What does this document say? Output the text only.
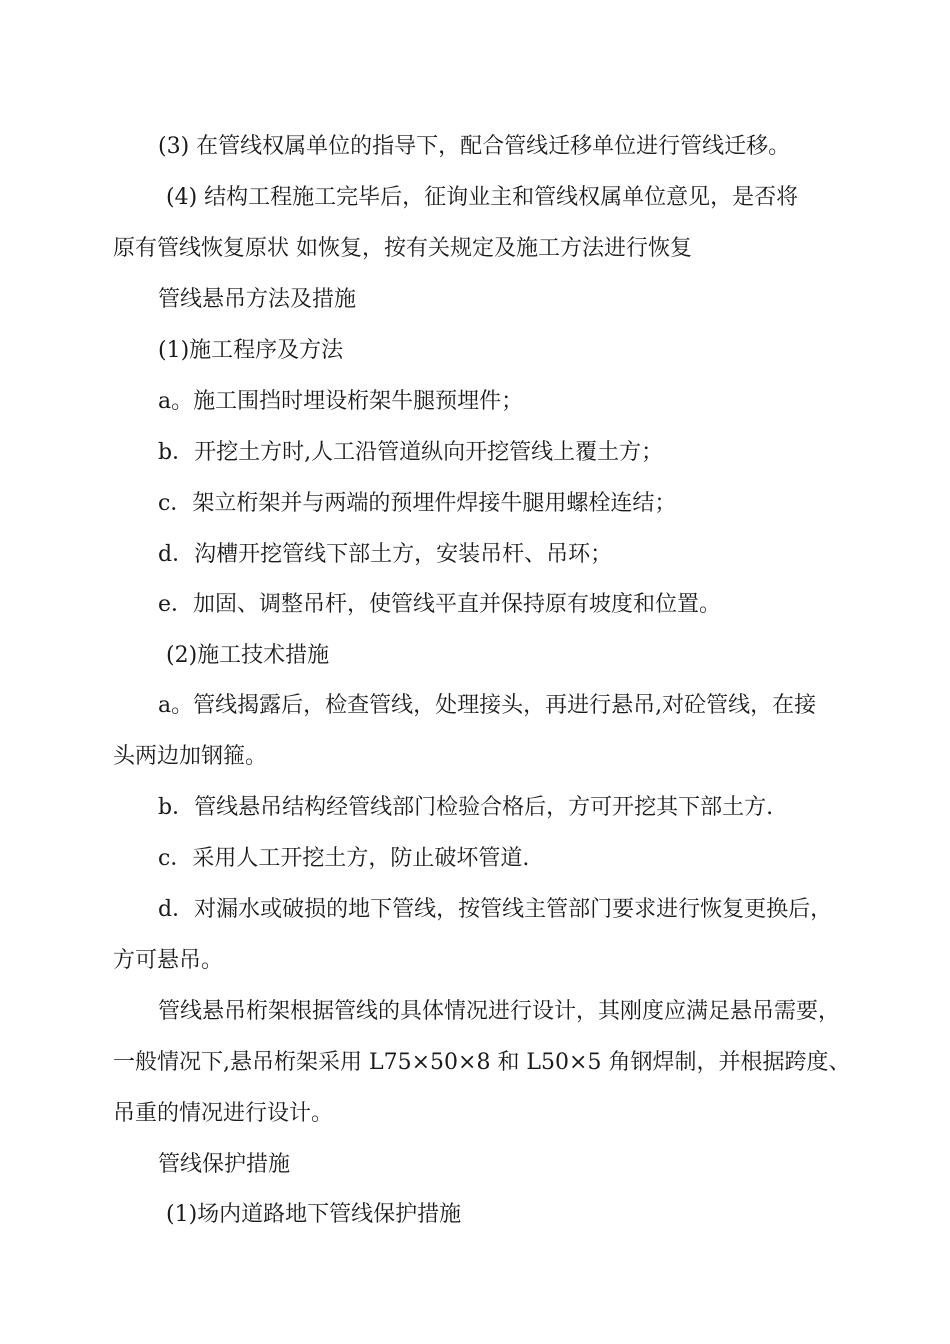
(3) 在管线权属单位的指导下，配合管线迁移单位进行管线迁移。

(4) 结构工程施工完毕后，征询业主和管线权属单位意见，是否将

原有管线恢复原状 如恢复，按有关规定及施工方法进行恢复

管线悬吊方法及措施

(1)施工程序及方法

a。施工围挡时埋设桁架牛腿预埋件；

b．开挖土方时,人工沿管道纵向开挖管线上覆土方；

c．架立桁架并与两端的预埋件焊接牛腿用螺栓连结；

d．沟槽开挖管线下部土方，安装吊杆、吊环；

e．加固、调整吊杆，使管线平直并保持原有坡度和位置。

(2)施工技术措施

a。管线揭露后，检查管线，处理接头，再进行悬吊,对砼管线，在接

头两边加钢箍。

b．管线悬吊结构经管线部门检验合格后，方可开挖其下部土方.

c．采用人工开挖土方，防止破坏管道.

d．对漏水或破损的地下管线，按管线主管部门要求进行恢复更换后，

方可悬吊。

管线悬吊桁架根据管线的具体情况进行设计，其刚度应满足悬吊需要，

一般情况下,悬吊桁架采用 L75×50×8 和 L50×5 角钢焊制，并根据跨度、

吊重的情况进行设计。

管线保护措施

(1)场内道路地下管线保护措施
